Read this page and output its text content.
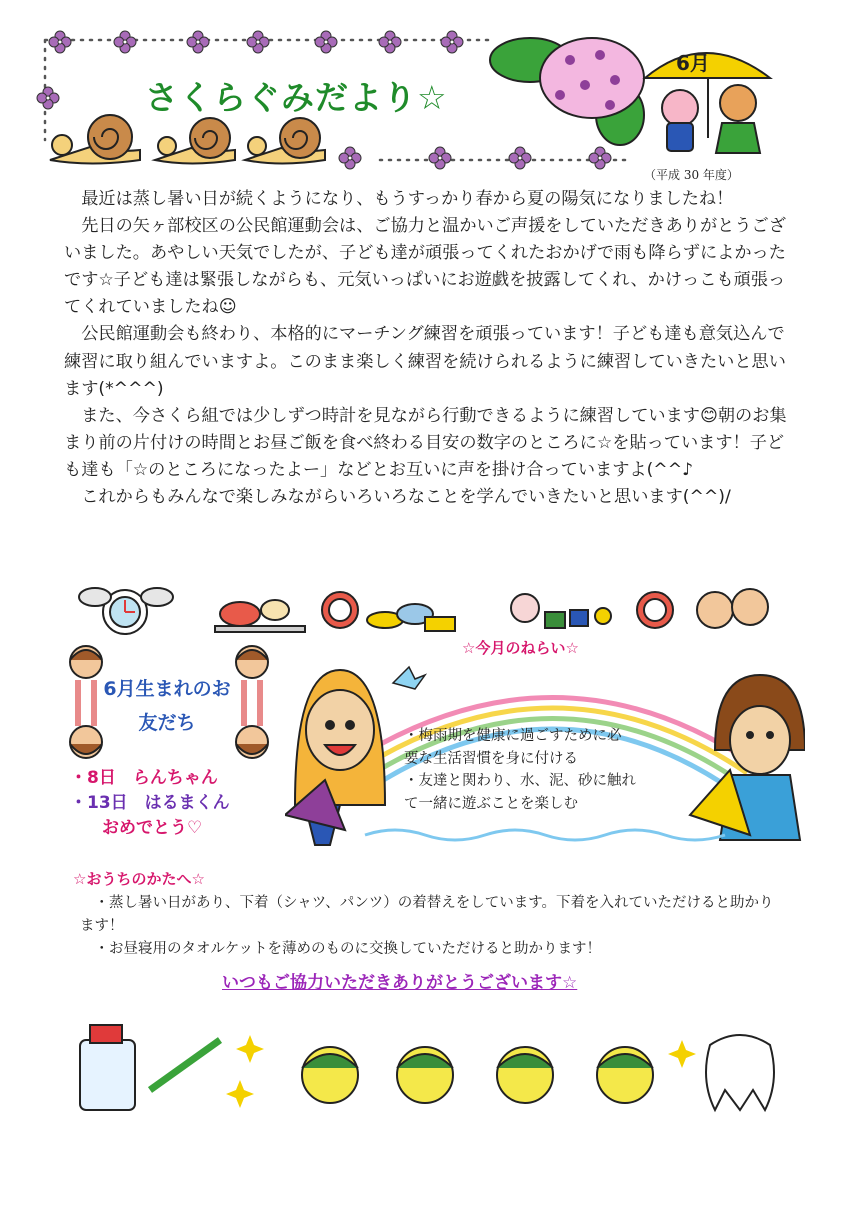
6月
さくらぐみだより☆
（平成 30 年度）

最近は蒸し暑い日が続くようになり、もうすっかり春から夏の陽気になりましたね！

先日の矢ヶ部校区の公民館運動会は、ご協力と温かいご声援をしていただきありがとうございました。あやしい天気でしたが、子ども達が頑張ってくれたおかげで雨も降らずによかったです☆子ども達は緊張しながらも、元気いっぱいにお遊戯を披露してくれ、かけっこも頑張ってくれていましたね☺

公民館運動会も終わり、本格的にマーチング練習を頑張っています！子ども達も意気込んで練習に取り組んでいますよ。このまま楽しく練習を続けられるように練習していきたいと思います(*^^^)

また、今さくら組では少しずつ時計を見ながら行動できるように練習しています😊朝のお集まり前の片付けの時間とお昼ご飯を食べ終わる目安の数字のところに☆を貼っています！子ども達も「☆のところになったよー」などとお互いに声を掛け合っていますよ(^^♪

これからもみんなで楽しみながらいろいろなことを学んでいきたいと思います(^^)/

6月生まれのお友だち
・8日　らんちゃん
・13日　はるまくん
おめでとう♡
☆今月のねらい☆
・梅雨期を健康に過ごすために必
要な生活習慣を身に付ける
・友達と関わり、水、泥、砂に触れ
て一緒に遊ぶことを楽しむ
☆おうちのかたへ☆
・蒸し暑い日があり、下着（シャツ、パンツ）の着替えをしています。下着を入れていただけると助かります！
・お昼寝用のタオルケットを薄めのものに交換していただけると助かります！
いつもご協力いただきありがとうございます☆
